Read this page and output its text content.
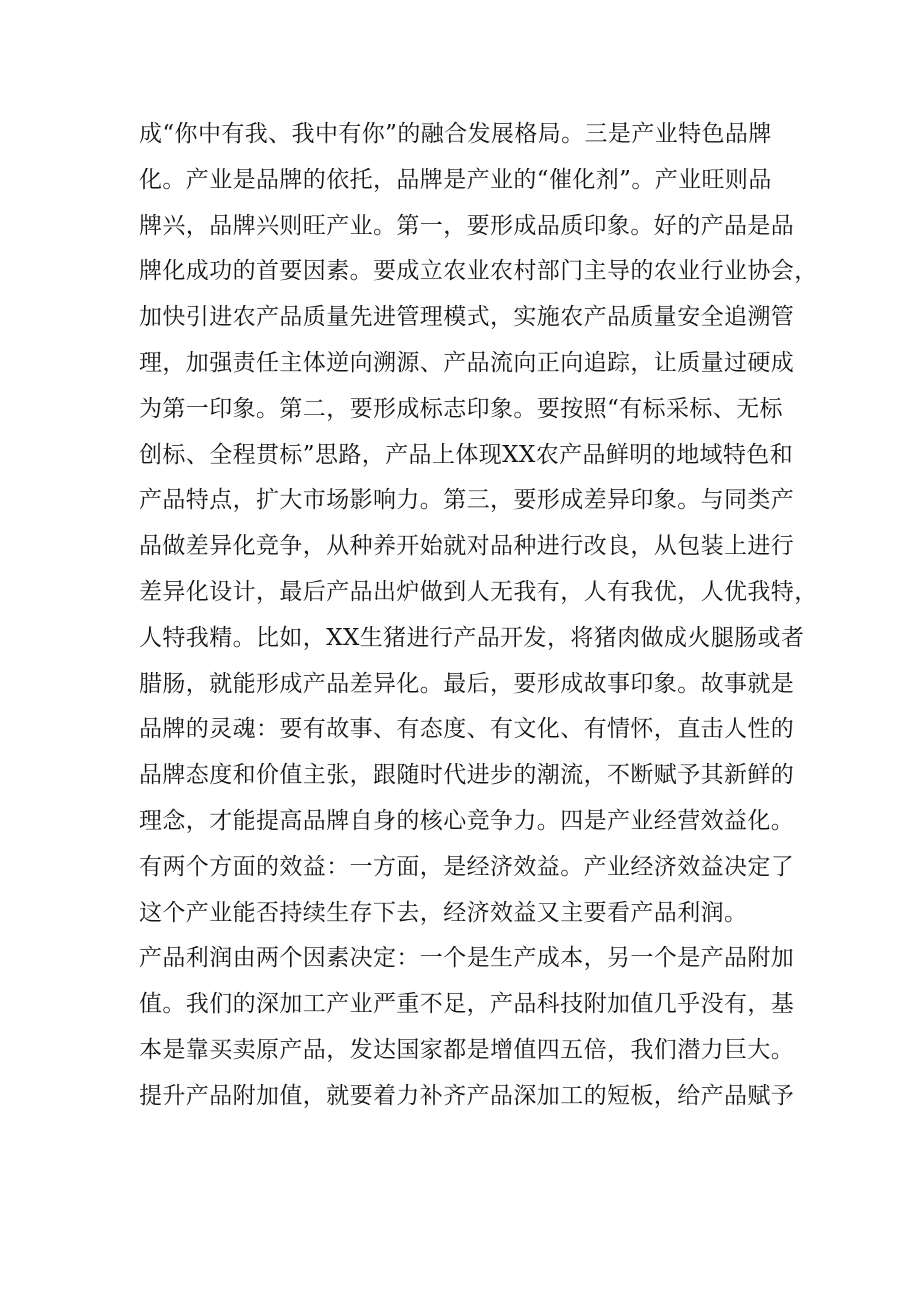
成“你中有我、我中有你”的融合发展格局。三是产业特色品牌
化。产业是品牌的依托，品牌是产业的“催化剂”。产业旺则品
牌兴，品牌兴则旺产业。第一，要形成品质印象。好的产品是品
牌化成功的首要因素。要成立农业农村部门主导的农业行业协会，
加快引进农产品质量先进管理模式，实施农产品质量安全追溯管
理，加强责任主体逆向溯源、产品流向正向追踪，让质量过硬成
为第一印象。第二，要形成标志印象。要按照“有标采标、无标
创标、全程贯标”思路，产品上体现XX农产品鲜明的地域特色和
产品特点，扩大市场影响力。第三，要形成差异印象。与同类产
品做差异化竞争，从种养开始就对品种进行改良，从包装上进行
差异化设计，最后产品出炉做到人无我有，人有我优，人优我特，
人特我精。比如，XX生猪进行产品开发，将猪肉做成火腿肠或者
腊肠，就能形成产品差异化。最后，要形成故事印象。故事就是
品牌的灵魂：要有故事、有态度、有文化、有情怀，直击人性的
品牌态度和价值主张，跟随时代进步的潮流，不断赋予其新鲜的
理念，才能提高品牌自身的核心竞争力。四是产业经营效益化。
有两个方面的效益：一方面，是经济效益。产业经济效益决定了
这个产业能否持续生存下去，经济效益又主要看产品利润。
产品利润由两个因素决定：一个是生产成本，另一个是产品附加
值。我们的深加工产业严重不足，产品科技附加值几乎没有，基
本是靠买卖原产品，发达国家都是增值四五倍，我们潜力巨大。
提升产品附加值，就要着力补齐产品深加工的短板，给产品赋予
